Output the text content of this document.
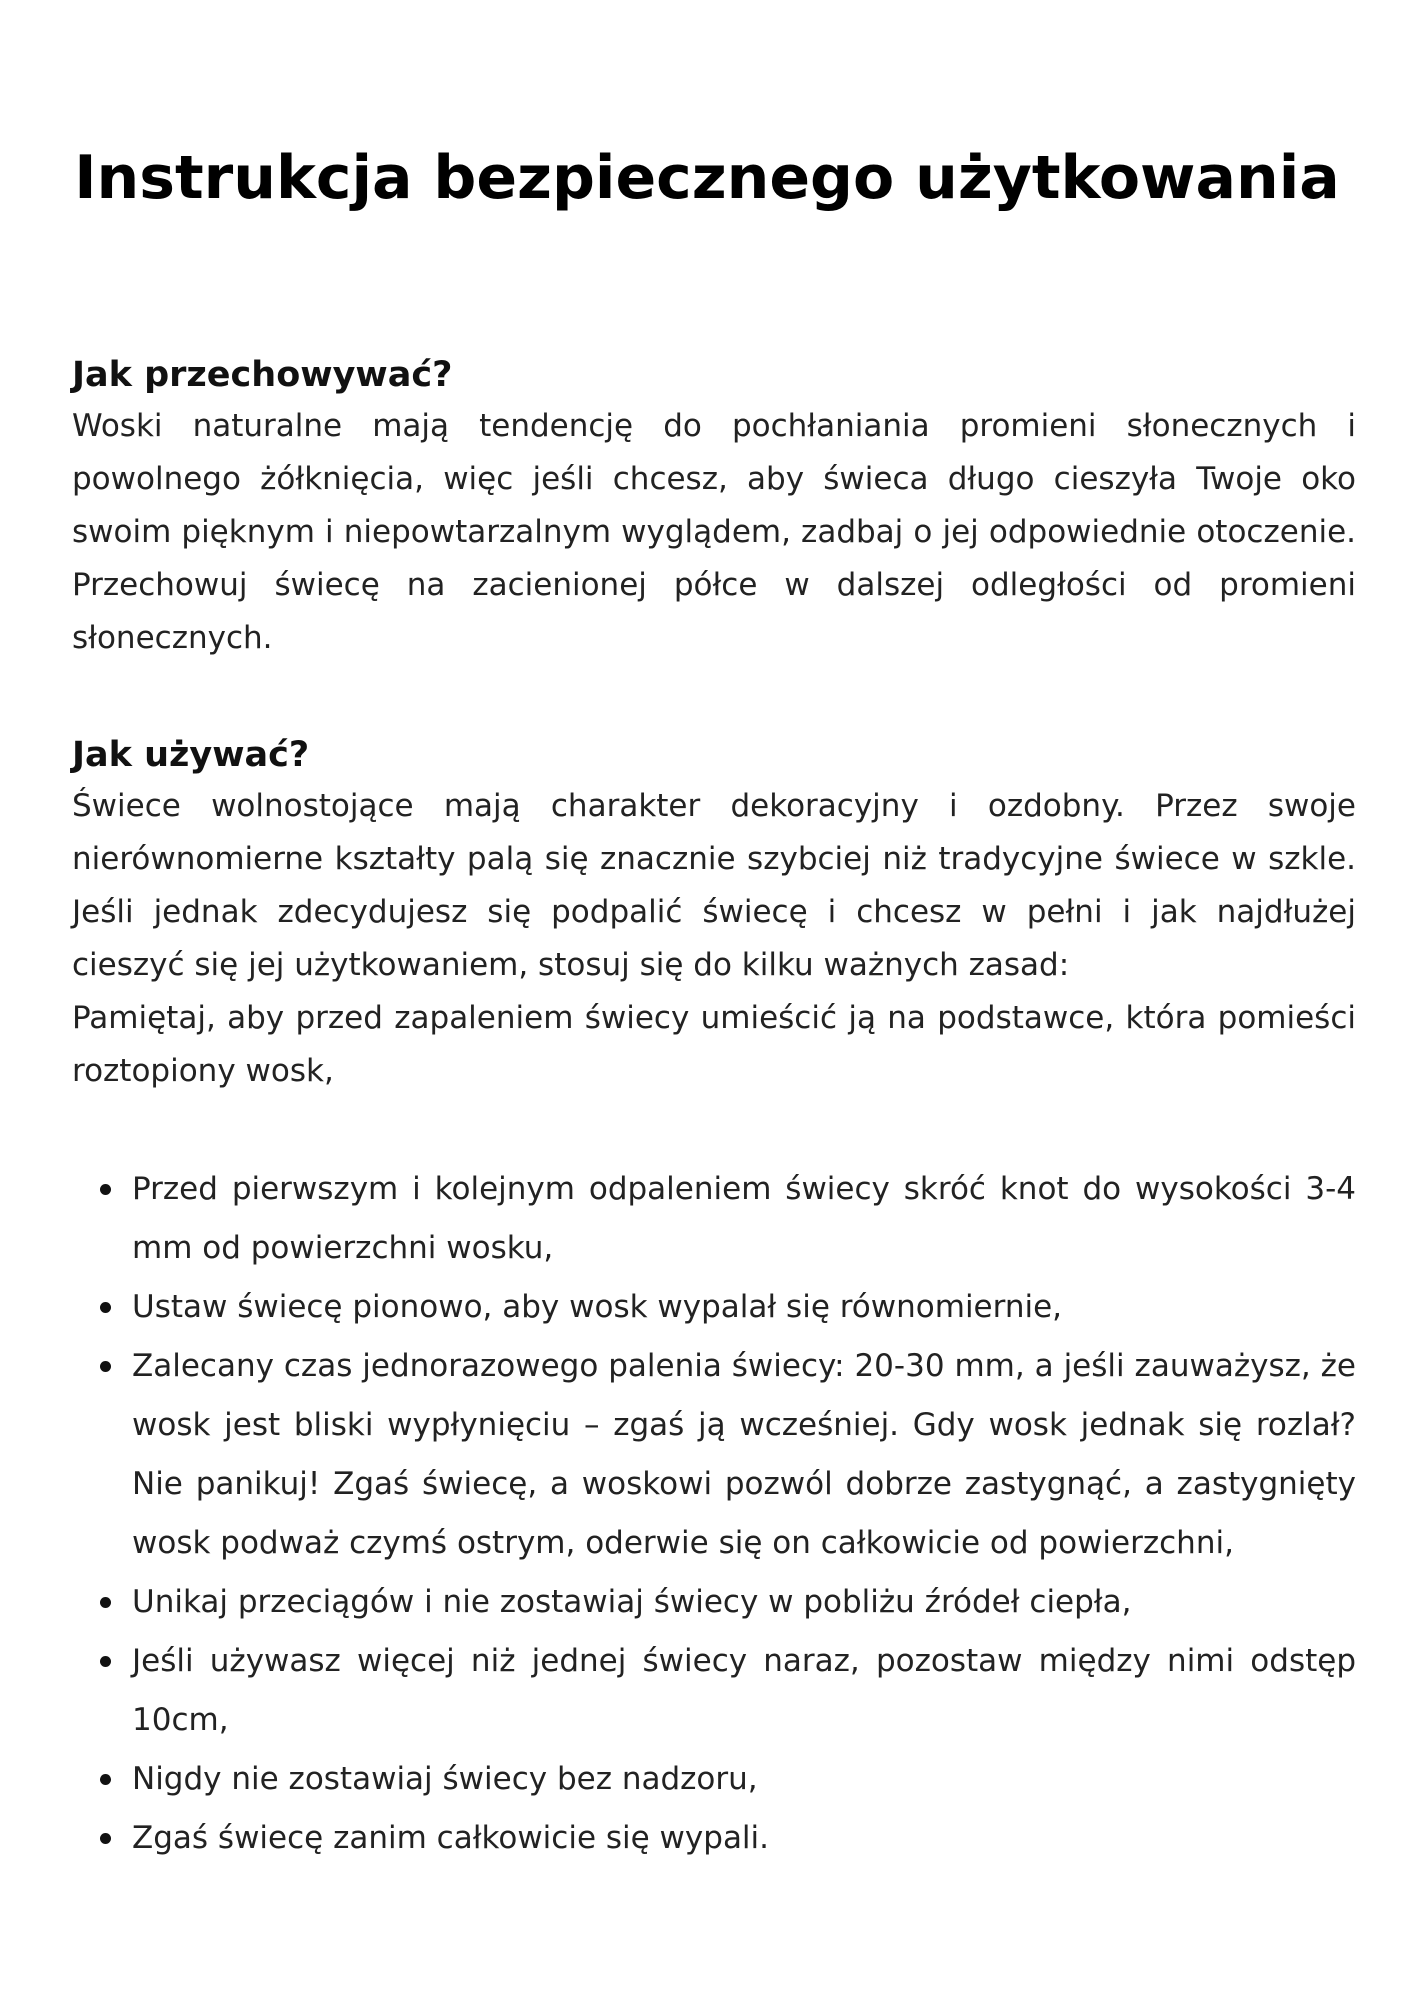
Instrukcja bezpiecznego użytkowania
Jak przechowywać?

Woski naturalne mają tendencję do pochłaniania promieni słonecznych i powolnego żółknięcia, więc jeśli chcesz, aby świeca długo cieszyła Twoje oko swoim pięknym i niepowtarzalnym wyglądem, zadbaj o jej odpowiednie otoczenie. Przechowuj świecę na zacienionej półce w dalszej odległości od promieni słonecznych.

Jak używać?

Świece wolnostojące mają charakter dekoracyjny i ozdobny. Przez swoje nierównomierne kształty palą się znacznie szybciej niż tradycyjne świece w szkle. Jeśli jednak zdecydujesz się podpalić świecę i chcesz w pełni i jak najdłużej cieszyć się jej użytkowaniem, stosuj się do kilku ważnych zasad:

Pamiętaj, aby przed zapaleniem świecy umieścić ją na podstawce, która pomieści roztopiony wosk,

Przed pierwszym i kolejnym odpaleniem świecy skróć knot do wysokości 3-4 mm od powierzchni wosku,
Ustaw świecę pionowo, aby wosk wypalał się równomiernie,
Zalecany czas jednorazowego palenia świecy: 20-30 mm, a jeśli zauważysz, że wosk jest bliski wypłynięciu – zgaś ją wcześniej. Gdy wosk jednak się rozlał? Nie panikuj! Zgaś świecę, a woskowi pozwól dobrze zastygnąć, a zastygnięty wosk podważ czymś ostrym, oderwie się on całkowicie od powierzchni,
Unikaj przeciągów i nie zostawiaj świecy w pobliżu źródeł ciepła,
Jeśli używasz więcej niż jednej świecy naraz, pozostaw między nimi odstęp 10cm,
Nigdy nie zostawiaj świecy bez nadzoru,
Zgaś świecę zanim całkowicie się wypali.
